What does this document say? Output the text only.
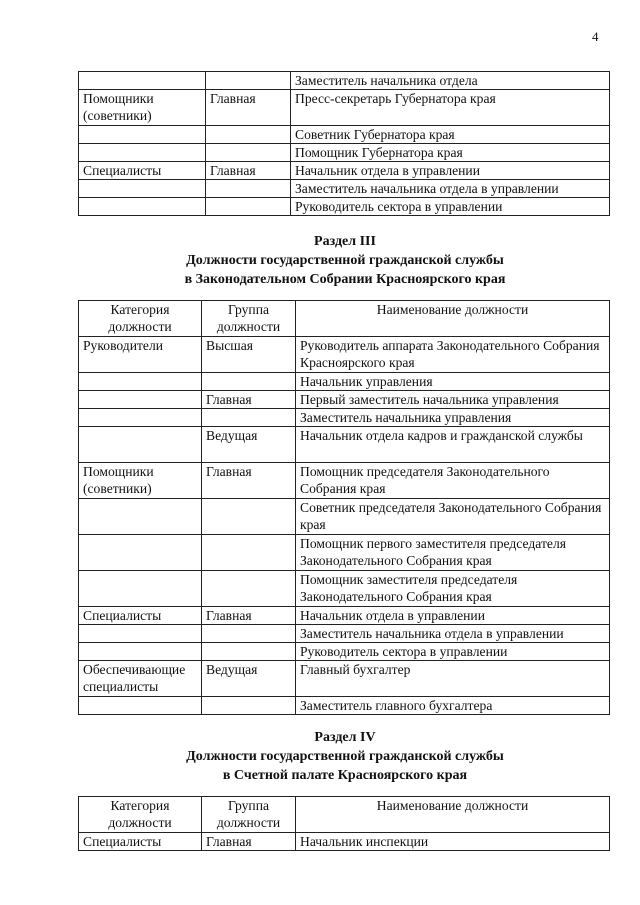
4
		Заместитель начальника отдела
Помощники (советники)	Главная	Пресс-секретарь Губернатора края
		Советник Губернатора края
		Помощник Губернатора края
Специалисты	Главная	Начальник отдела в управлении
		Заместитель начальника отдела в управлении
		Руководитель сектора в управлении
Раздел III
Должности государственной гражданской службы
в Законодательном Собрании Красноярского края
Категория должности	Группа должности	Наименование должности
Руководители	Высшая	Руководитель аппарата Законодательного Собрания Красноярского края
		Начальник управления
	Главная	Первый заместитель начальника управления
		Заместитель начальника управления
	Ведущая	Начальник отдела кадров и гражданской службы
Помощники (советники)	Главная	Помощник председателя Законодательного Собрания края
		Советник председателя Законодательного Собрания края
		Помощник первого заместителя председателя Законодательного Собрания края
		Помощник заместителя председателя Законодательного Собрания края
Специалисты	Главная	Начальник отдела в управлении
		Заместитель начальника отдела в управлении
		Руководитель сектора в управлении
Обеспечивающие специалисты	Ведущая	Главный бухгалтер
		Заместитель главного бухгалтера
Раздел IV
Должности государственной гражданской службы
в Счетной палате Красноярского края
Категория должности	Группа должности	Наименование должности
Специалисты	Главная	Начальник инспекции
